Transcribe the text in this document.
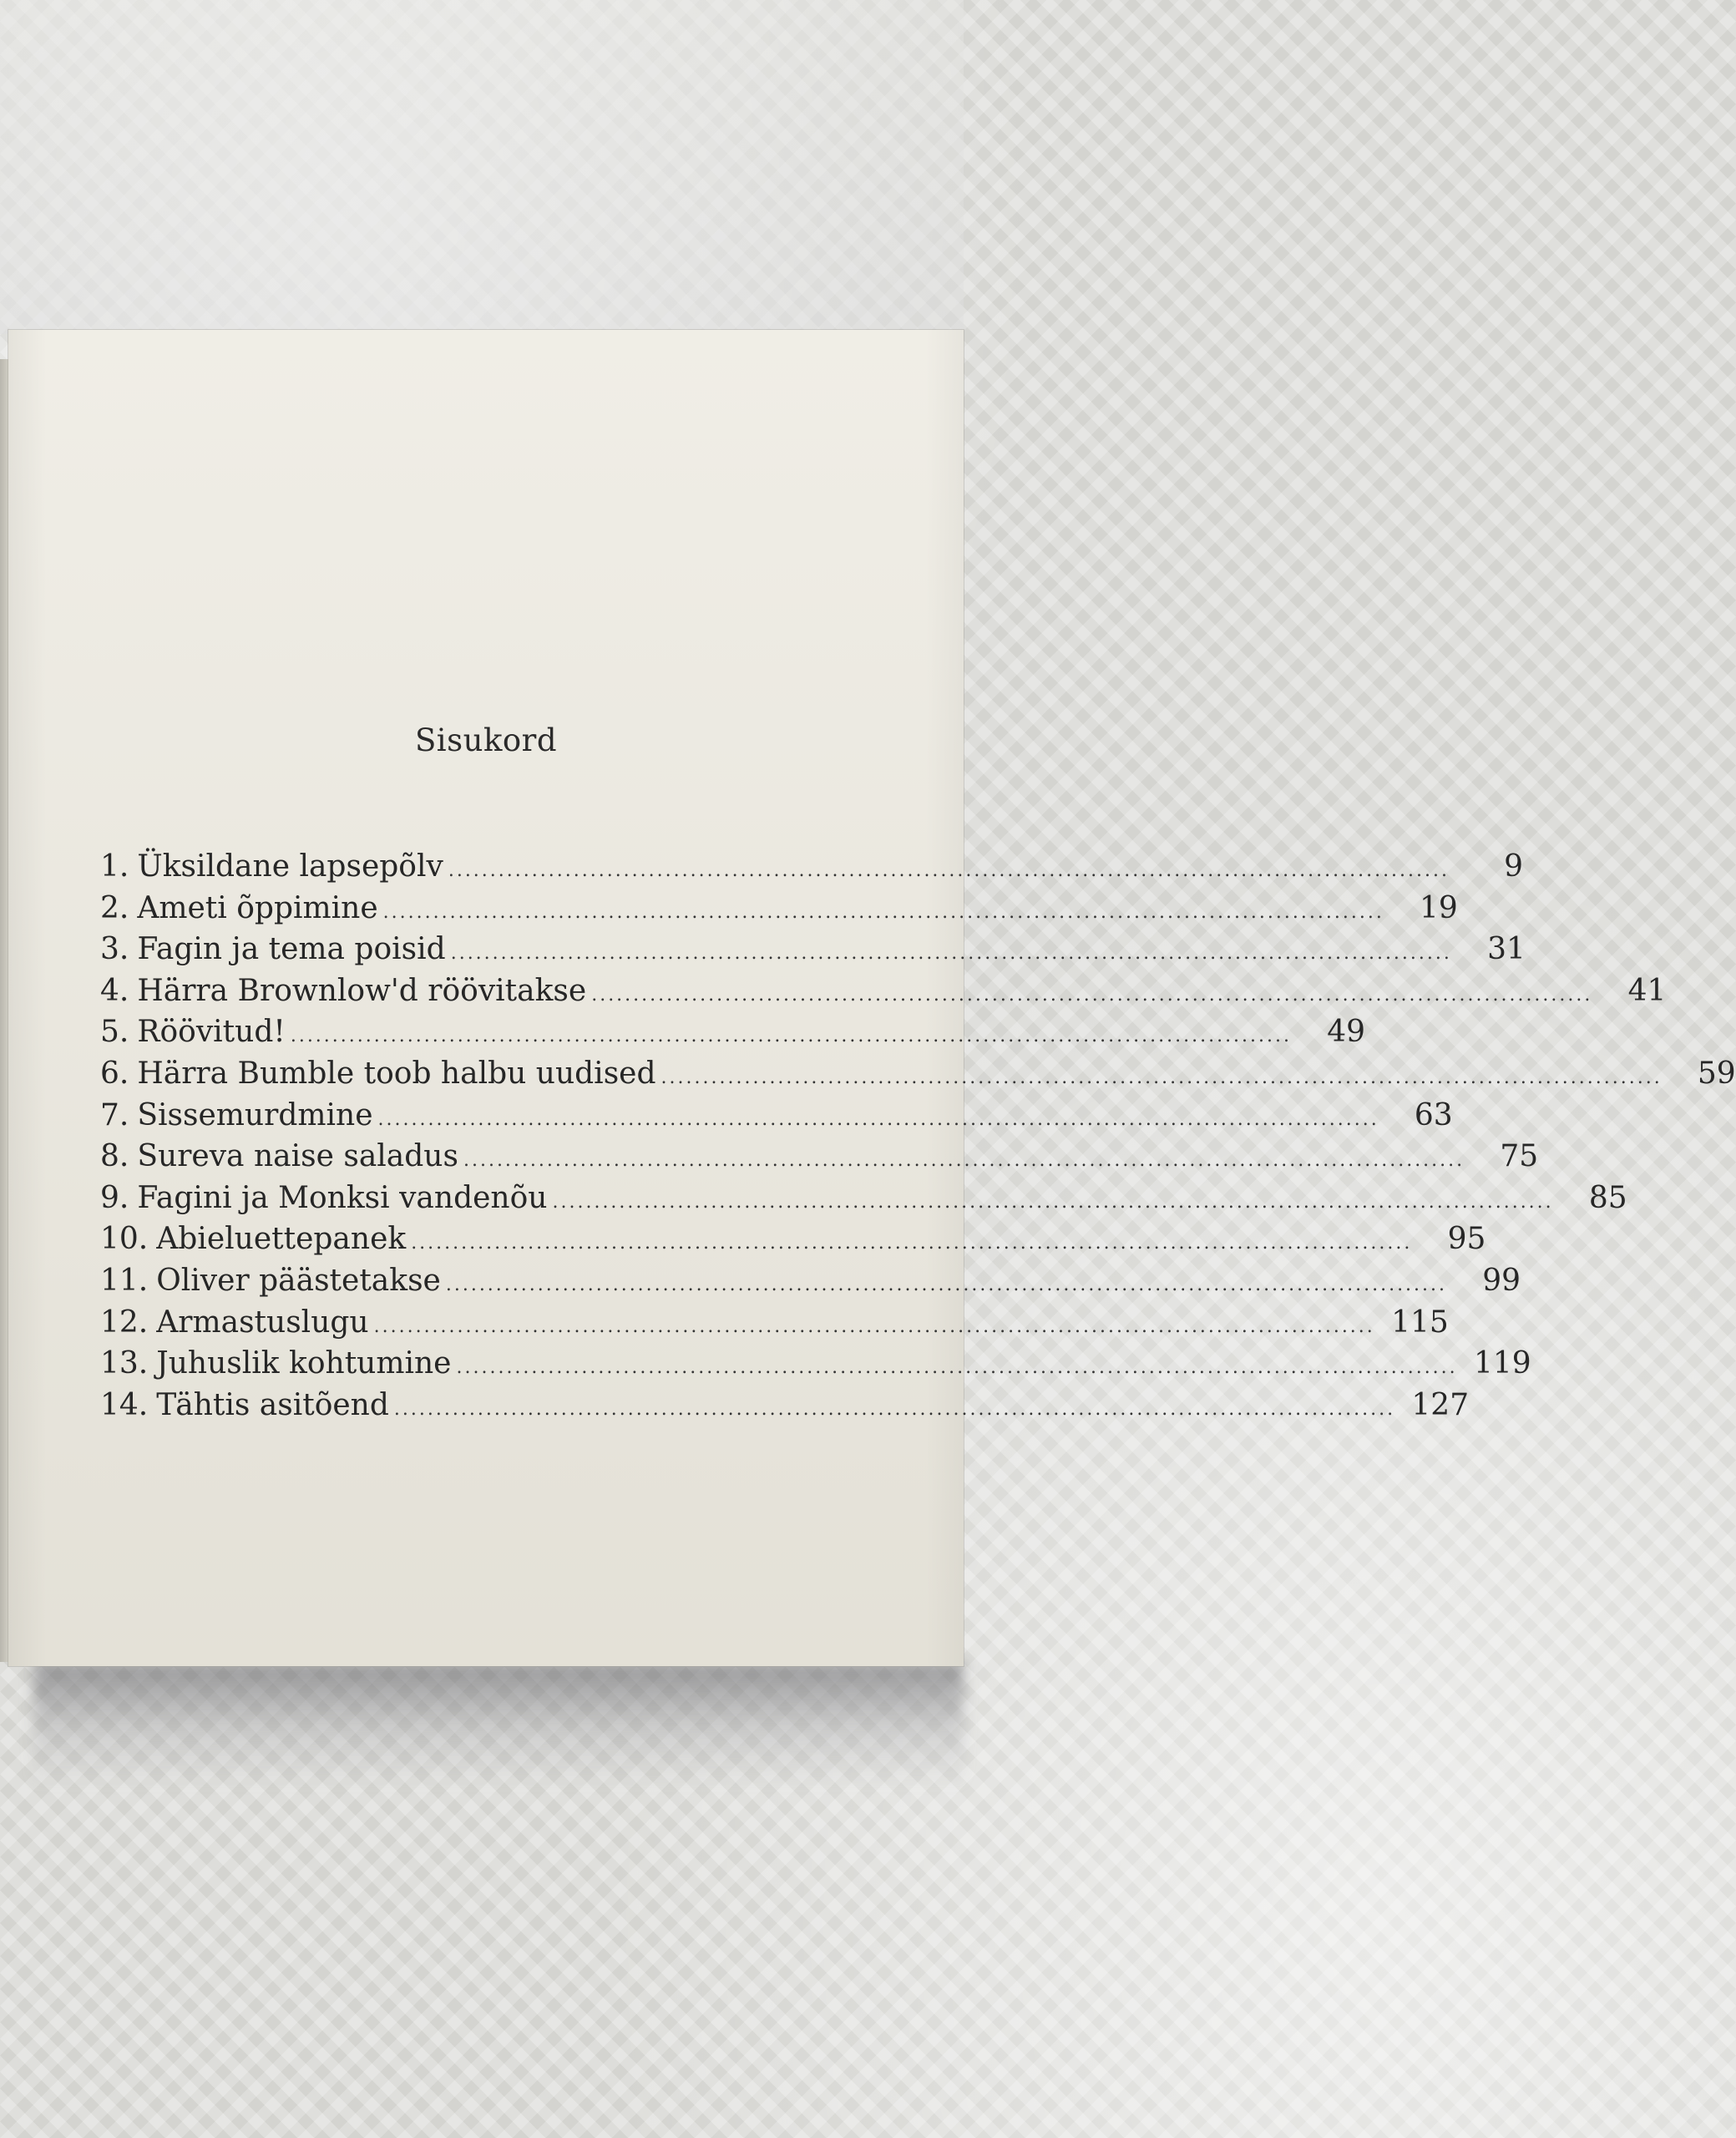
Sisukord
1. Üksildane lapsepõlv ........................................................................................................................	9
2. Ameti õppimine ........................................................................................................................	19
3. Fagin ja tema poisid ........................................................................................................................	31
4. Härra Brownlow'd röövitakse ........................................................................................................................	41
5. Röövitud! ........................................................................................................................	49
6. Härra Bumble toob halbu uudised ........................................................................................................................	59
7. Sissemurdmine ........................................................................................................................	63
8. Sureva naise saladus ........................................................................................................................	75
9. Fagini ja Monksi vandenõu ........................................................................................................................	85
10. Abieluettepanek ........................................................................................................................	95
11. Oliver päästetakse ........................................................................................................................	99
12. Armastuslugu ........................................................................................................................ 115
13. Juhuslik kohtumine ........................................................................................................................ 119
14. Tähtis asitõend ........................................................................................................................ 127
